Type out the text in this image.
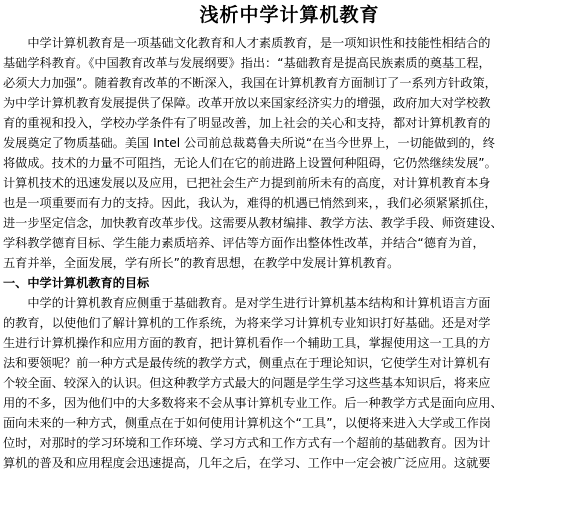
浅析中学计算机教育
　　中学计算机教育是一项基础文化教育和人才素质教育，是一项知识性和技能性相结合的
基础学科教育。《中国教育改革与发展纲要》指出：“基础教育是提高民族素质的奠基工程，
必须大力加强”。随着教育改革的不断深入，我国在计算机教育方面制订了一系列方针政策，
为中学计算机教育发展提供了保障。改革开放以来国家经济实力的增强，政府加大对学校教
育的重视和投入，学校办学条件有了明显改善，加上社会的关心和支持，都对计算机教育的
发展奠定了物质基础。美国 Intel 公司前总裁葛鲁夫所说“在当今世界上，一切能做到的，终
将做成。技术的力量不可阻挡，无论人们在它的前进路上设置何种阻碍，它仍然继续发展”。
计算机技术的迅速发展以及应用，已把社会生产力提到前所未有的高度，对计算机教育本身
也是一项重要而有力的支持。因此，我认为，难得的机遇已悄然到来，，我们必须紧紧抓住，
进一步坚定信念，加快教育改革步伐。这需要从教材编排、教学方法、教学手段、师资建设、
学科教学德育目标、学生能力素质培养、评估等方面作出整体性改革，并结合“德育为首，
五育并举，全面发展，学有所长”的教育思想，在教学中发展计算机教育。
一、中学计算机教育的目标
　　中学的计算机教育应侧重于基础教育。是对学生进行计算机基本结构和计算机语言方面
的教育，以使他们了解计算机的工作系统，为将来学习计算机专业知识打好基础。还是对学
生进行计算机操作和应用方面的教育，把计算机看作一个辅助工具，掌握使用这一工具的方
法和要领呢？前一种方式是最传统的教学方式，侧重点在于理论知识，它使学生对计算机有
个较全面、较深入的认识。但这种教学方式最大的问题是学生学习这些基本知识后，将来应
用的不多，因为他们中的大多数将来不会从事计算机专业工作。后一种教学方式是面向应用、
面向未来的一种方式，侧重点在于如何使用计算机这个“工具”，以便将来进入大学或工作岗
位时，对那时的学习环境和工作环境、学习方式和工作方式有一个超前的基础教育。因为计
算机的普及和应用程度会迅速提高，几年之后，在学习、工作中一定会被广泛应用。这就要
